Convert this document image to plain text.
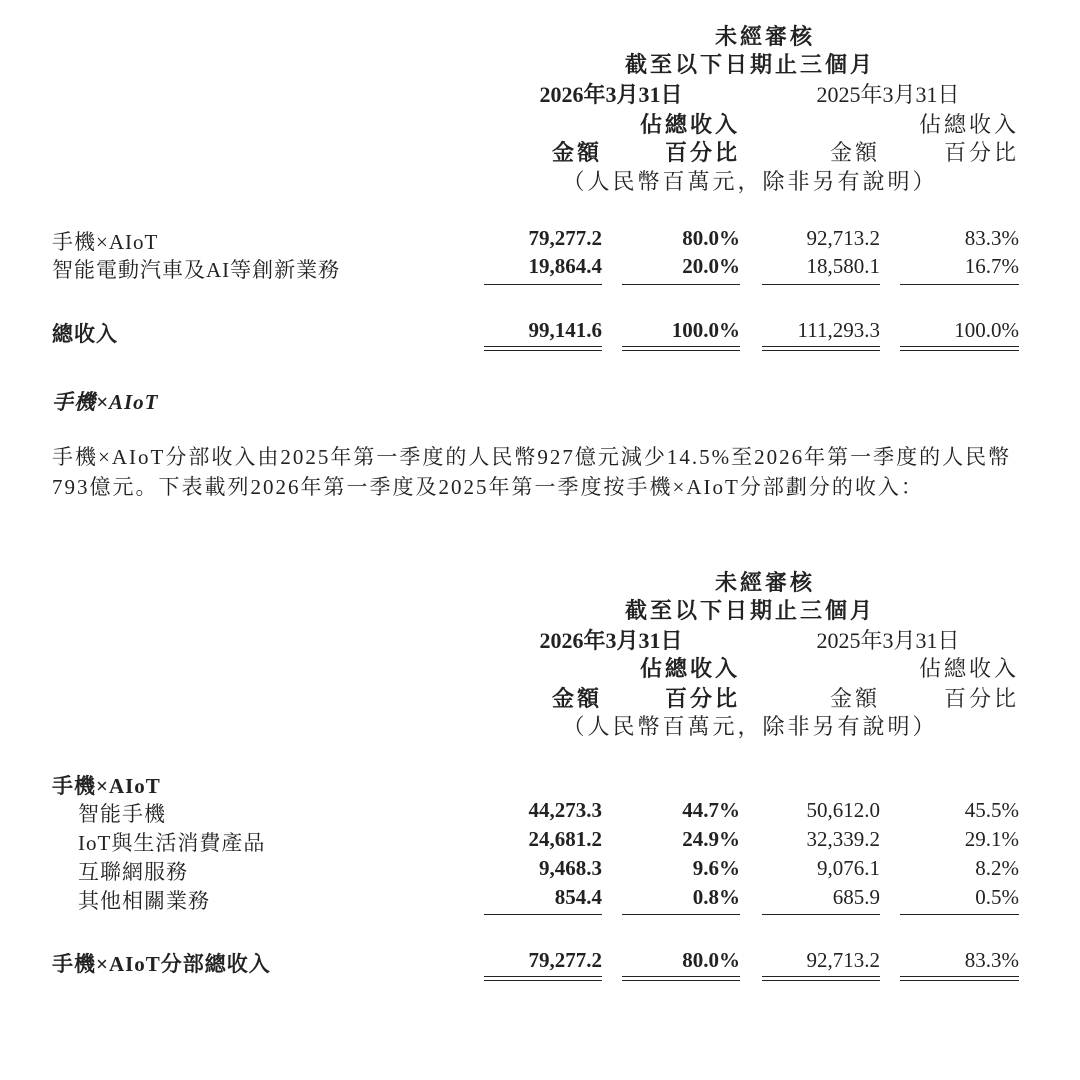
未經審核
截至以下日期止三個月
2026年3月31日	2025年3月31日
佔總收入	佔總收入
金額	百分比	金額	百分比
（人民幣百萬元，除非另有說明）
手機×AIoT	79,277.2	80.0%	92,713.2	83.3%
智能電動汽車及AI等創新業務	19,864.4	20.0%	18,580.1	16.7%
總收入	99,141.6	100.0%	111,293.3	100.0%
手機×AIoT
手機×AIoT分部收入由2025年第一季度的人民幣927億元減少14.5%至2026年第一季度的人民幣793億元。下表載列2026年第一季度及2025年第一季度按手機×AIoT分部劃分的收入：
未經審核
截至以下日期止三個月
2026年3月31日	2025年3月31日
佔總收入	佔總收入
金額	百分比	金額	百分比
（人民幣百萬元，除非另有說明）
手機×AIoT
智能手機	44,273.3	44.7%	50,612.0	45.5%
IoT與生活消費產品	24,681.2	24.9%	32,339.2	29.1%
互聯網服務	9,468.3	9.6%	9,076.1	8.2%
其他相關業務	854.4	0.8%	685.9	0.5%
手機×AIoT分部總收入	79,277.2	80.0%	92,713.2	83.3%
